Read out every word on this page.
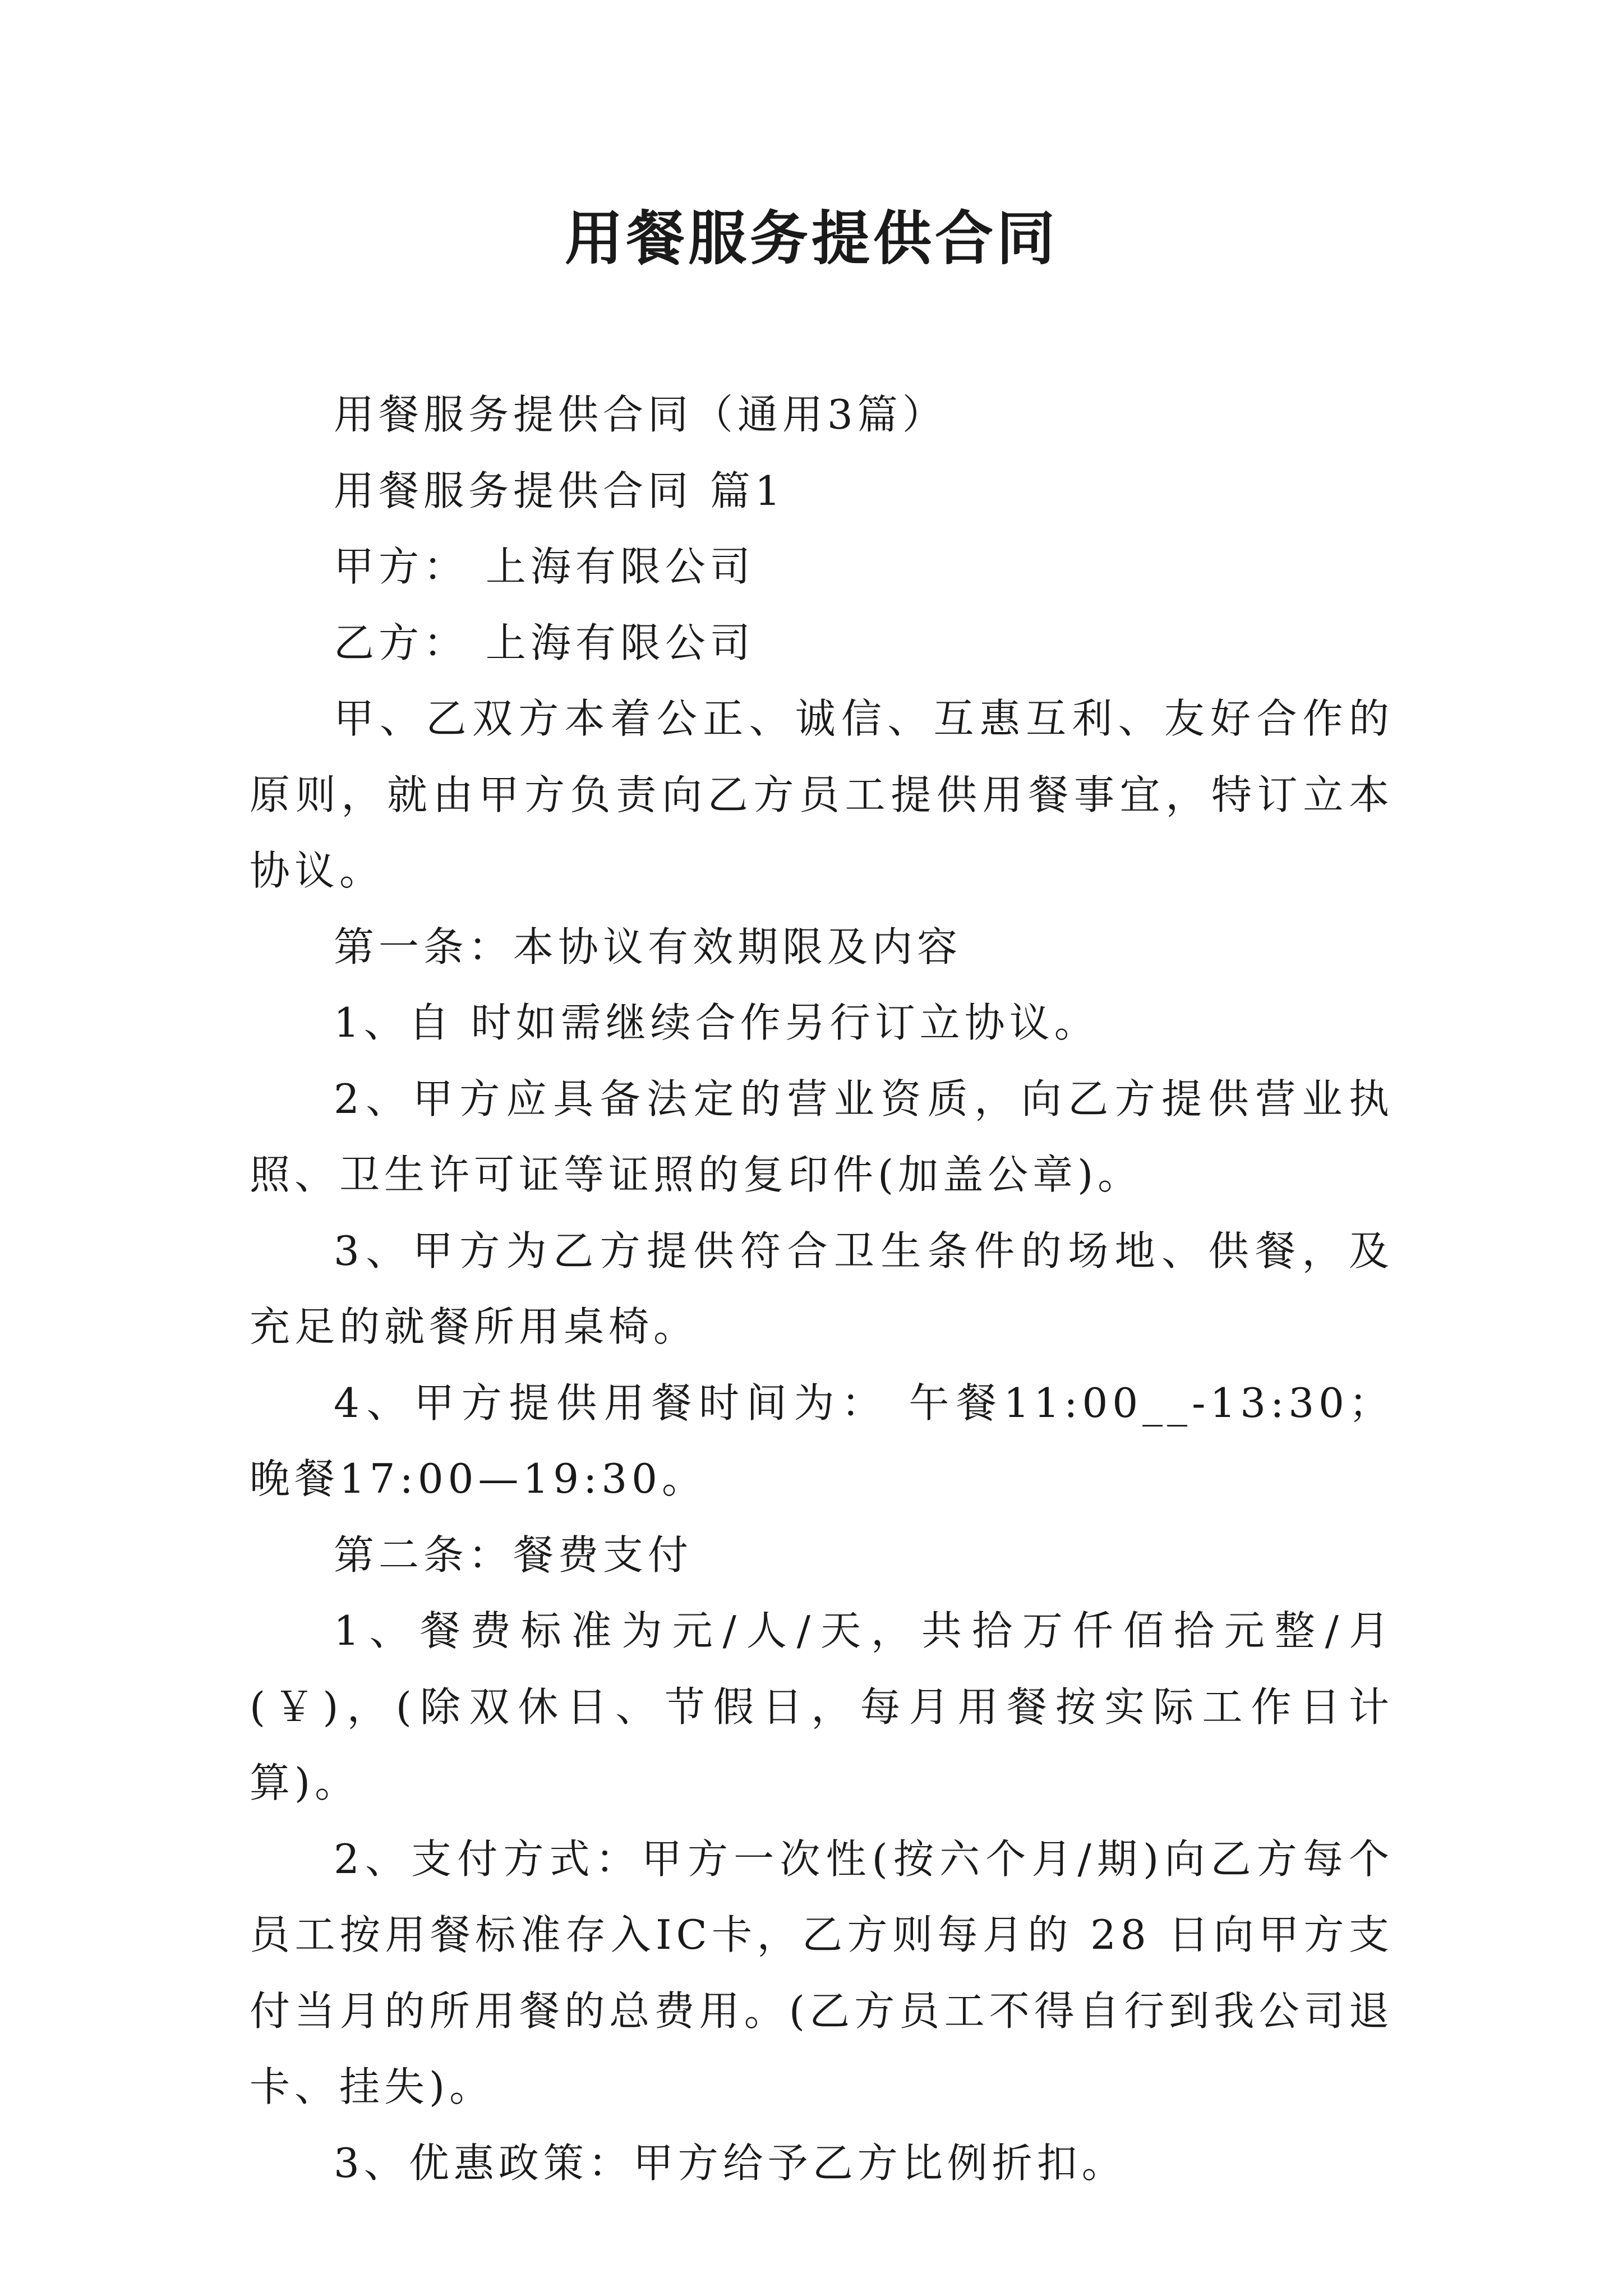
用餐服务提供合同

用餐服务提供合同（通用3篇）

用餐服务提供合同 篇1

甲方： 上海有限公司

乙方： 上海有限公司

甲、乙双方本着公正、诚信、互惠互利、友好合作的原则，就由甲方负责向乙方员工提供用餐事宜，特订立本协议。

第一条：本协议有效期限及内容

1、自 时如需继续合作另行订立协议。

2、甲方应具备法定的营业资质，向乙方提供营业执照、卫生许可证等证照的复印件(加盖公章)。

3、甲方为乙方提供符合卫生条件的场地、供餐，及充足的就餐所用桌椅。

4、甲方提供用餐时间为： 午餐11:00__-13:30；晚餐17:00—19:30。

第二条：餐费支付

1、餐费标准为元/人/天，共拾万仟佰拾元整/月(￥)，(除双休日、节假日，每月用餐按实际工作日计算)。

2、支付方式：甲方一次性(按六个月/期)向乙方每个员工按用餐标准存入IC卡，乙方则每月的 28 日向甲方支付当月的所用餐的总费用。(乙方员工不得自行到我公司退卡、挂失)。

3、优惠政策：甲方给予乙方比例折扣。
